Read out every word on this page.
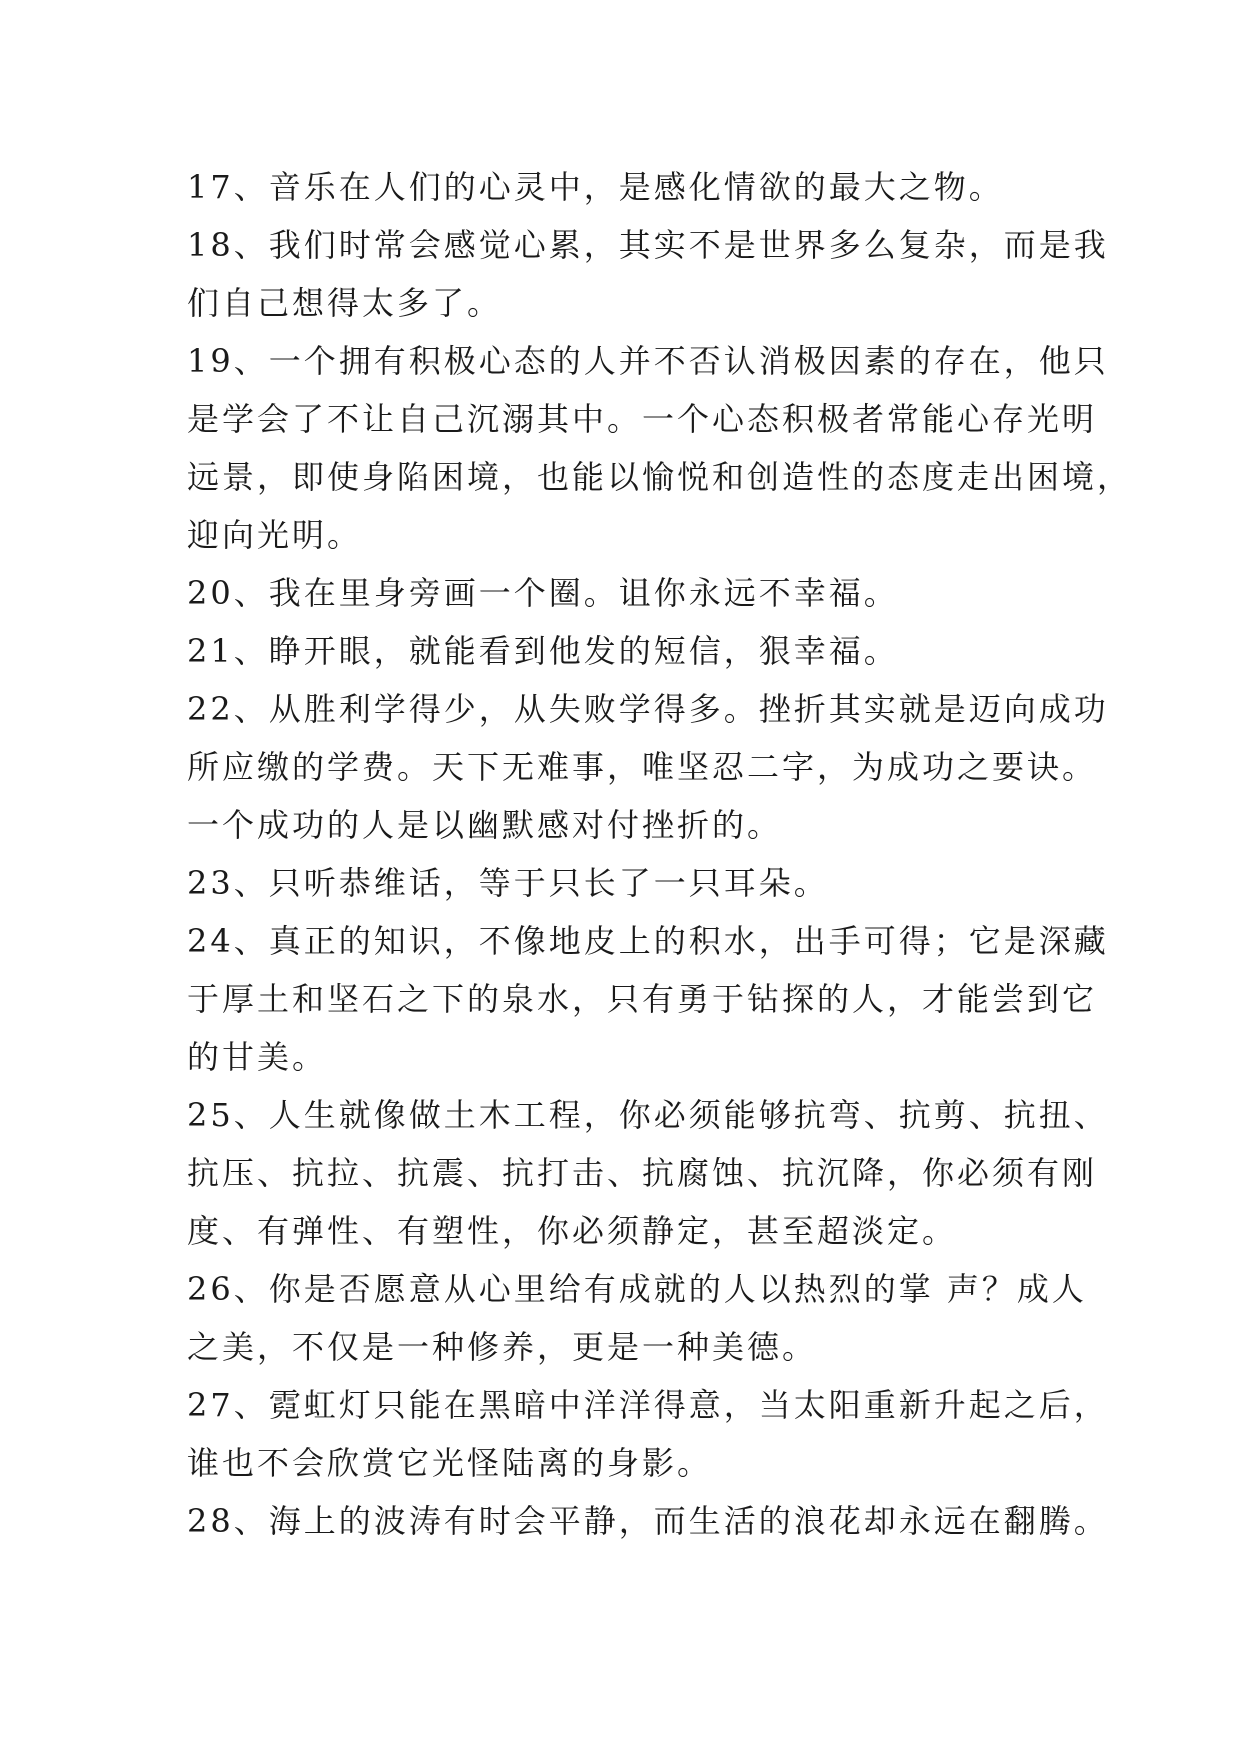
17、音乐在人们的心灵中，是感化情欲的最大之物。
18、我们时常会感觉心累，其实不是世界多么复杂，而是我
们自己想得太多了。
19、一个拥有积极心态的人并不否认消极因素的存在，他只
是学会了不让自己沉溺其中。一个心态积极者常能心存光明
远景，即使身陷困境，也能以愉悦和创造性的态度走出困境，
迎向光明。
20、我在里身旁画一个圈。诅你永远不幸福。
21、睁开眼，就能看到他发的短信，狠幸福。
22、从胜利学得少，从失败学得多。挫折其实就是迈向成功
所应缴的学费。天下无难事，唯坚忍二字，为成功之要诀。
一个成功的人是以幽默感对付挫折的。
23、只听恭维话，等于只长了一只耳朵。
24、真正的知识，不像地皮上的积水，出手可得；它是深藏
于厚土和坚石之下的泉水，只有勇于钻探的人，才能尝到它
的甘美。
25、人生就像做土木工程，你必须能够抗弯、抗剪、抗扭、
抗压、抗拉、抗震、抗打击、抗腐蚀、抗沉降，你必须有刚
度、有弹性、有塑性，你必须静定，甚至超淡定。
26、你是否愿意从心里给有成就的人以热烈的掌 声？成人
之美，不仅是一种修养，更是一种美德。
27、霓虹灯只能在黑暗中洋洋得意，当太阳重新升起之后，
谁也不会欣赏它光怪陆离的身影。
28、海上的波涛有时会平静，而生活的浪花却永远在翻腾。
